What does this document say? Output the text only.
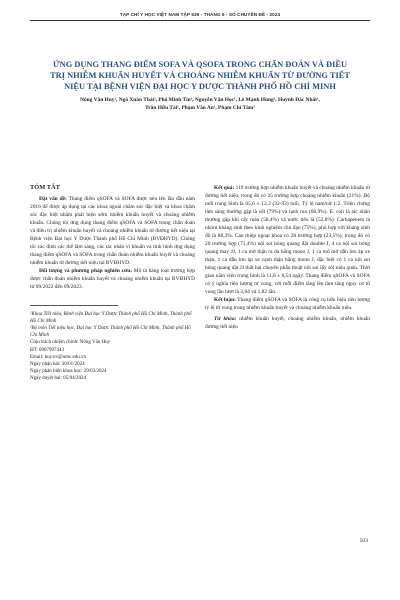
TẠP CHÍ Y HỌC VIỆT NAM TẬP 539 - THÁNG 6 - SỐ CHUYÊN ĐỀ - 2024
ỨNG DỤNG THANG ĐIỂM SOFA VÀ QSOFA TRONG CHẨN ĐOÁN VÀ ĐIỀU TRỊ NHIỄM KHUẨN HUYẾT VÀ CHOÁNG NHIỄM KHUẨN TỪ ĐƯỜNG TIẾT NIỆU TẠI BỆNH VIỆN ĐẠI HỌC Y DƯỢC THÀNH PHỐ HỒ CHÍ MINH
Nông Văn Huy¹, Ngô Xuân Thái², Phó Minh Tín¹, Nguyễn Văn Học¹, Lê Mạnh Hùng², Huỳnh Đắc Nhất¹, Trần Hữu Tài¹, Phạm Văn An¹, Phạm Chí Tâm¹
TÓM TẮT

Đặt vấn đề: Thang điểm qSOFA và SOFA được nêu lên lần đầu năm 2016 để được áp dụng tại các khoa ngoài chăm sóc đặc biệt và khoa chăm sóc đặc biệt nhằm phát hiện sớm nhiễm khuẩn huyết và choáng nhiễm khuẩn. Chúng tôi ứng dụng thang điểm qSOFA và SOFA trong chẩn đoán và điều trị nhiễm khuẩn huyết và choáng nhiễm khuẩn từ đường tiết niệu tại Bệnh viện Đại học Y Dược Thành phố Hồ Chí Minh (BVĐHYD). Chúng tôi xác định các thể lâm sàng, các tác nhân vi khuẩn và tình hình ứng dụng thang điểm qSOFA và SOFA trong chẩn đoán nhiễm khuẩn huyết và choáng nhiễm khuẩn từ đường tiết niệu tại BVĐHYD.

Đối tượng và phương pháp nghiên cứu: Mô tả hàng loạt trường hợp được chẩn đoán nhiễm khuẩn huyết và choáng nhiễm khuẩn tại BVĐHYD từ 09/2022 đến 09/2023.

¹Khoa Tiết niệu, Bệnh viện Đại học Y Dược Thành phố Hồ Chí Minh, Thành phố Hồ Chí Minh
²Bộ môn Tiết niệu học, Đại học Y Dược Thành phố Hồ Chí Minh, Thành phố Hồ Chí Minh
Chịu trách nhiệm chính: Nông Văn Huy
ĐT: 0907997443
Email: huy.nv@umc.edu.vn
Ngày nhận bài: 30/01/2024
Ngày phản biện khoa học: 29/03/2024
Ngày duyệt bài: 05/04/2024

Kết quả: 119 trường hợp nhiễm khuẩn huyết và choáng nhiễm khuẩn từ đường tiết niệu, trong đó có 25 trường hợp choáng nhiễm khuẩn (21%). Độ tuổi trung bình là 65,6 ± 12,3 (32-93) tuổi. Tỷ lệ nam/nữ 1:2. Triệu chứng lâm sàng thường gặp là sốt (79%) và lạnh run (68,9%). E. coli là tác nhân thường gặp khi cấy máu (58,4%) và nước tiểu là (52,8%). Carbapenem là nhóm kháng sinh theo kinh nghiệm chủ đạo (75%), phù hợp với kháng sinh đồ là 88,3%. Can thiệp ngoại khoa có 28 trường hợp (23,5%), trong đó có 20 trường hợp (71,4%) nội soi bóng quang đặt double J, 4 ca nội soi bóng quang thay JJ, 1 ca mở thận ra da bằng mono J, 1 ca mổ mở dẫn lưu áp xe thận, 1 ca dẫn lưu áp xe cạnh thận bằng mono J, đặc biệt có 1 ca nội soi bóng quang đặt JJ thất bại chuyển phẫu thuật nội soi lấy sỏi niệu quản. Thời gian nằm viện trung bình là 11,8 ± 6,54 ngày. Thang điểm qSOFA và SOFA có ý nghĩa tiên lượng tử vong, với mỗi điểm tăng lên làm tăng nguy cơ tử vong lần lượt là 3,64 và 1,82 lần.

Kết luận: Thang điểm qSOFA và SOFA là công cụ hữu hiệu tiên lượng tỷ lệ tử vong trong nhiễm khuẩn huyết và choáng nhiễm khuẩn niệu.

Từ khóa: nhiễm khuẩn huyết, choáng nhiễm khuẩn, nhiễm khuẩn đường tiết niệu

503
